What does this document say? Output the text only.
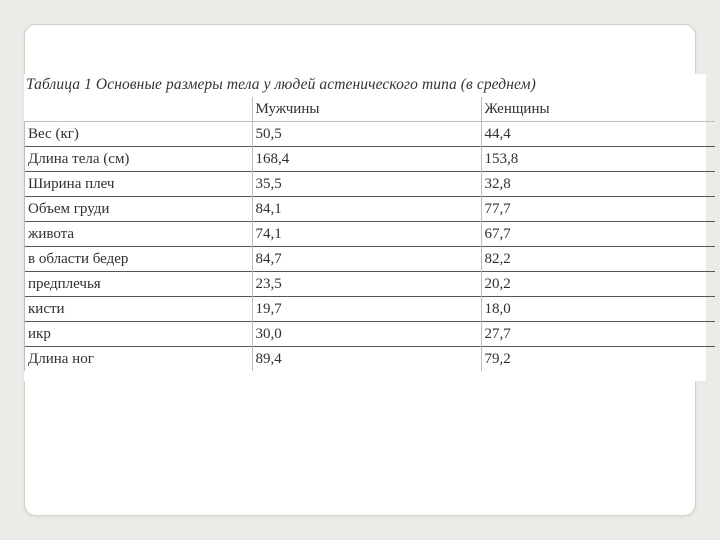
Таблица 1 Основные размеры тела у людей астенического типа (в среднем)
	Мужчины	Женщины
Вес (кг)	50,5	44,4
Длина тела (см)	168,4	153,8
Ширина плеч	35,5	32,8
Объем груди	84,1	77,7
живота	74,1	67,7
в области бедер	84,7	82,2
предплечья	23,5	20,2
кисти	19,7	18,0
икр	30,0	27,7
Длина ног	89,4	79,2
